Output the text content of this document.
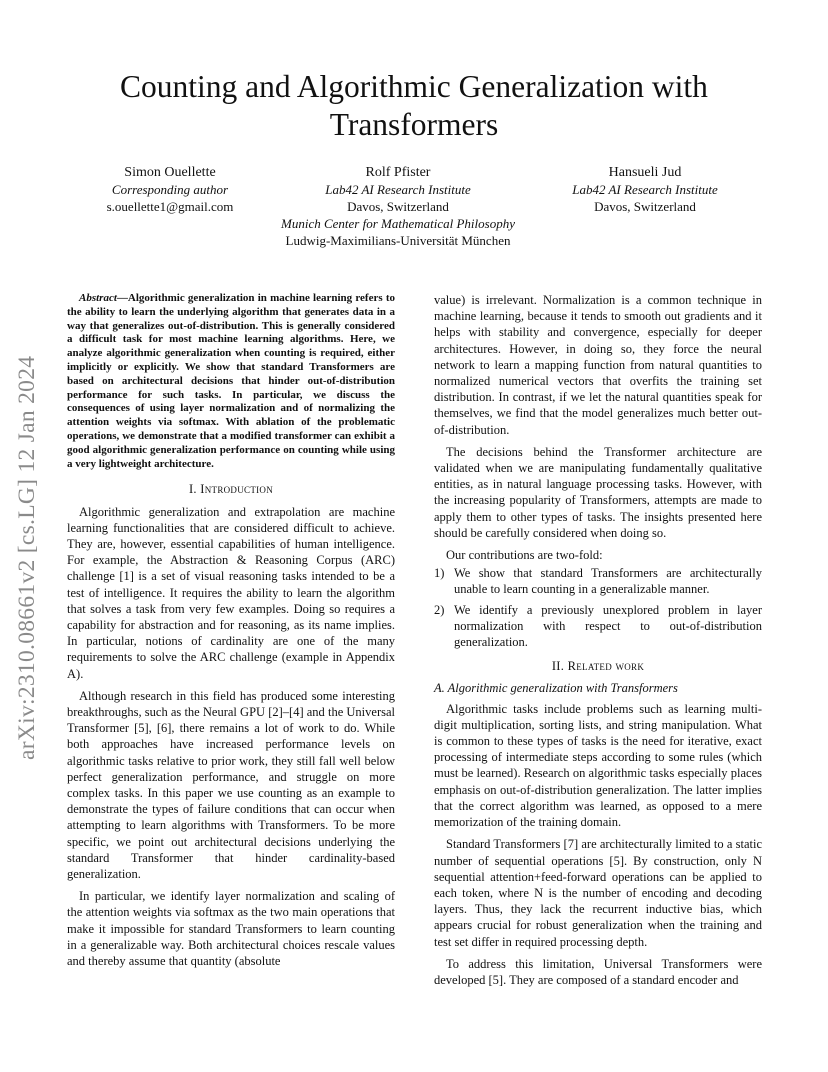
arXiv:2310.08661v2 [cs.LG] 12 Jan 2024
Counting and Algorithmic Generalization with Transformers
Simon Ouellette
Corresponding author
s.ouellette1@gmail.com
Rolf Pfister
Lab42 AI Research Institute
Davos, Switzerland
Munich Center for Mathematical Philosophy
Ludwig-Maximilians-Universität München
Hansueli Jud
Lab42 AI Research Institute
Davos, Switzerland

Abstract—Algorithmic generalization in machine learning refers to the ability to learn the underlying algorithm that generates data in a way that generalizes out-of-distribution. This is generally considered a difficult task for most machine learning algorithms. Here, we analyze algorithmic generalization when counting is required, either implicitly or explicitly. We show that standard Transformers are based on architectural decisions that hinder out-of-distribution performance for such tasks. In particular, we discuss the consequences of using layer normalization and of normalizing the attention weights via softmax. With ablation of the problematic operations, we demonstrate that a modified transformer can exhibit a good algorithmic generalization performance on counting while using a very lightweight architecture.

I. Introduction

Algorithmic generalization and extrapolation are machine learning functionalities that are considered difficult to achieve. They are, however, essential capabilities of human intelligence. For example, the Abstraction & Reasoning Corpus (ARC) challenge [1] is a set of visual reasoning tasks intended to be a test of intelligence. It requires the ability to learn the algorithm that solves a task from very few examples. Doing so requires a capability for abstraction and for reasoning, as its name implies. In particular, notions of cardinality are one of the many requirements to solve the ARC challenge (example in Appendix A).

Although research in this field has produced some interesting breakthroughs, such as the Neural GPU [2]–[4] and the Universal Transformer [5], [6], there remains a lot of work to do. While both approaches have increased performance levels on algorithmic tasks relative to prior work, they still fall well below perfect generalization performance, and struggle on more complex tasks. In this paper we use counting as an example to demonstrate the types of failure conditions that can occur when attempting to learn algorithms with Transformers. To be more specific, we point out architectural decisions underlying the standard Transformer that hinder cardinality-based generalization.

In particular, we identify layer normalization and scaling of the attention weights via softmax as the two main operations that make it impossible for standard Transformers to learn counting in a generalizable way. Both architectural choices rescale values and thereby assume that quantity (absolute

value) is irrelevant. Normalization is a common technique in machine learning, because it tends to smooth out gradients and it helps with stability and convergence, especially for deeper architectures. However, in doing so, they force the neural network to learn a mapping function from natural quantities to normalized numerical vectors that overfits the training set distribution. In contrast, if we let the natural quantities speak for themselves, we find that the model generalizes much better out-of-distribution.

The decisions behind the Transformer architecture are validated when we are manipulating fundamentally qualitative entities, as in natural language processing tasks. However, with the increasing popularity of Transformers, attempts are made to apply them to other types of tasks. The insights presented here should be carefully considered when doing so.

Our contributions are two-fold:

1) We show that standard Transformers are architecturally unable to learn counting in a generalizable manner.
2) We identify a previously unexplored problem in layer normalization with respect to out-of-distribution generalization.
II. Related work
A. Algorithmic generalization with Transformers

Algorithmic tasks include problems such as learning multi-digit multiplication, sorting lists, and string manipulation. What is common to these types of tasks is the need for iterative, exact processing of intermediate steps according to some rules (which must be learned). Research on algorithmic tasks especially places emphasis on out-of-distribution generalization. The latter implies that the correct algorithm was learned, as opposed to a mere memorization of the training domain.

Standard Transformers [7] are architecturally limited to a static number of sequential operations [5]. By construction, only N sequential attention+feed-forward operations can be applied to each token, where N is the number of encoding and decoding layers. Thus, they lack the recurrent inductive bias, which appears crucial for robust generalization when the training and test set differ in required processing depth.

To address this limitation, Universal Transformers were developed [5]. They are composed of a standard encoder and
